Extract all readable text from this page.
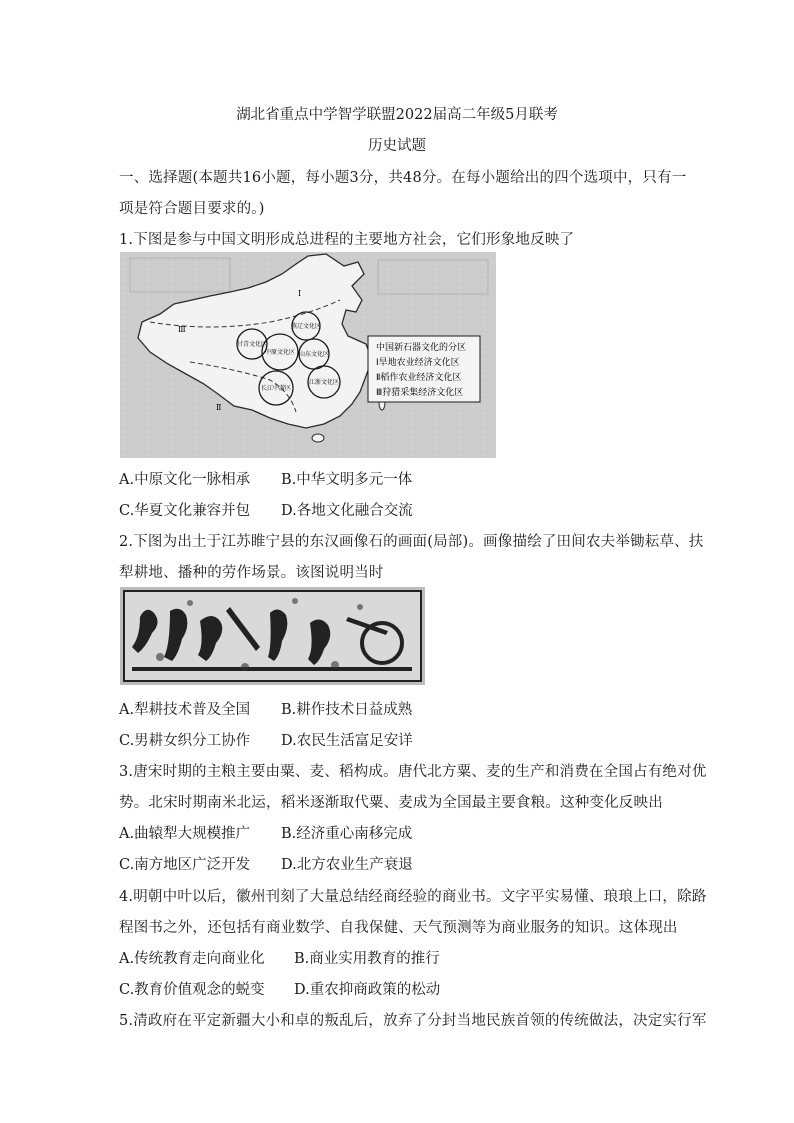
湖北省重点中学智学联盟2022届高二年级5月联考
历史试题
一、选择题(本题共16小题，每小题3分，共48分。在每小题给出的四个选项中，只有一
项是符合题目要求的。)
1.下图是参与中国文明形成总进程的主要地方社会，它们形象地反映了
甘青文化区
中原文化区
燕辽文化区
山东文化区
长江中游区
江浙文化区
Ⅲ
Ⅰ
Ⅱ
中国新石器文化的分区
Ⅰ旱地农业经济文化区
Ⅱ稻作农业经济文化区
Ⅲ狩猎采集经济文化区
A.中原文化一脉相承 B.中华文明多元一体
C.华夏文化兼容并包 D.各地文化融合交流
2.下图为出土于江苏睢宁县的东汉画像石的画面(局部)。画像描绘了田间农夫举锄耘草、扶
犁耕地、播种的劳作场景。该图说明当时
A.犁耕技术普及全国 B.耕作技术日益成熟
C.男耕女织分工协作 D.农民生活富足安详
3.唐宋时期的主粮主要由粟、麦、稻构成。唐代北方粟、麦的生产和消费在全国占有绝对优
势。北宋时期南米北运，稻米逐渐取代粟、麦成为全国最主要食粮。这种变化反映出
A.曲辕犁大规模推广 B.经济重心南移完成
C.南方地区广泛开发 D.北方农业生产衰退
4.明朝中叶以后，徽州刊刻了大量总结经商经验的商业书。文字平实易懂、琅琅上口，除路
程图书之外，还包括有商业数学、自我保健、天气预测等为商业服务的知识。这体现出
A.传统教育走向商业化 B.商业实用教育的推行
C.教育价值观念的蜕变 D.重农抑商政策的松动
5.清政府在平定新疆大小和卓的叛乱后，放弃了分封当地民族首领的传统做法，决定实行军
